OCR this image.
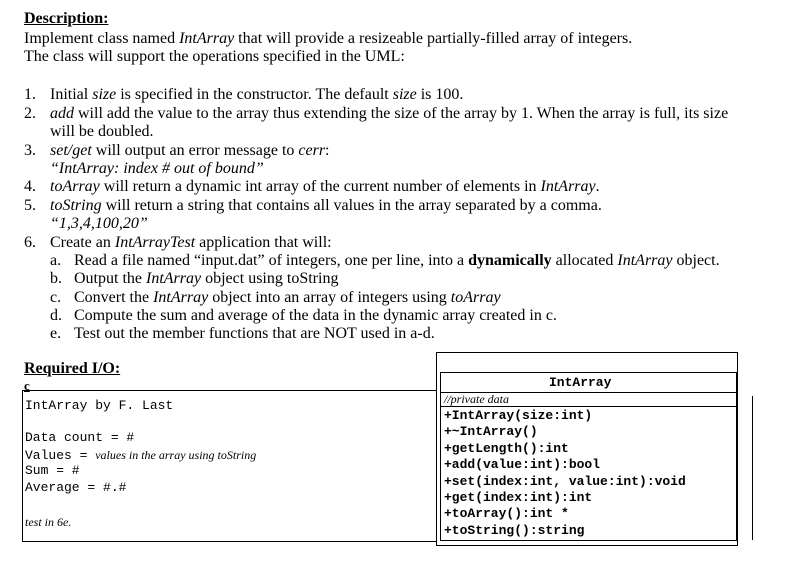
Description:
Implement class named IntArray that will provide a resizeable partially-filled array of integers.
The class will support the operations specified in the UML:
1. Initial size is specified in the constructor. The default size is 100.
2. add will add the value to the array thus extending the size of the array by 1. When the array is full, its size
will be doubled.
3. set/get will output an error message to cerr:
“IntArray: index # out of bound”
4. toArray will return a dynamic int array of the current number of elements in IntArray.
5. toString will return a string that contains all values in the array separated by a comma.
“1,3,4,100,20”
6. Create an IntArrayTest application that will:
a. Read a file named “input.dat” of integers, one per line, into a dynamically allocated IntArray object.
b. Output the IntArray object using toString
c. Convert the IntArray object into an array of integers using toArray
d. Compute the sum and average of the data in the dynamic array created in c.
e. Test out the member functions that are NOT used in a-d.
Required I/O:
c
IntArray by F. Last
Data count = #
Values = values in the array using toString
Sum = #
Average = #.#
test in 6e.
IntArray
//private data
+IntArray(size:int)
+~IntArray()
+getLength():int
+add(value:int):bool
+set(index:int, value:int):void
+get(index:int):int
+toArray():int *
+toString():string
